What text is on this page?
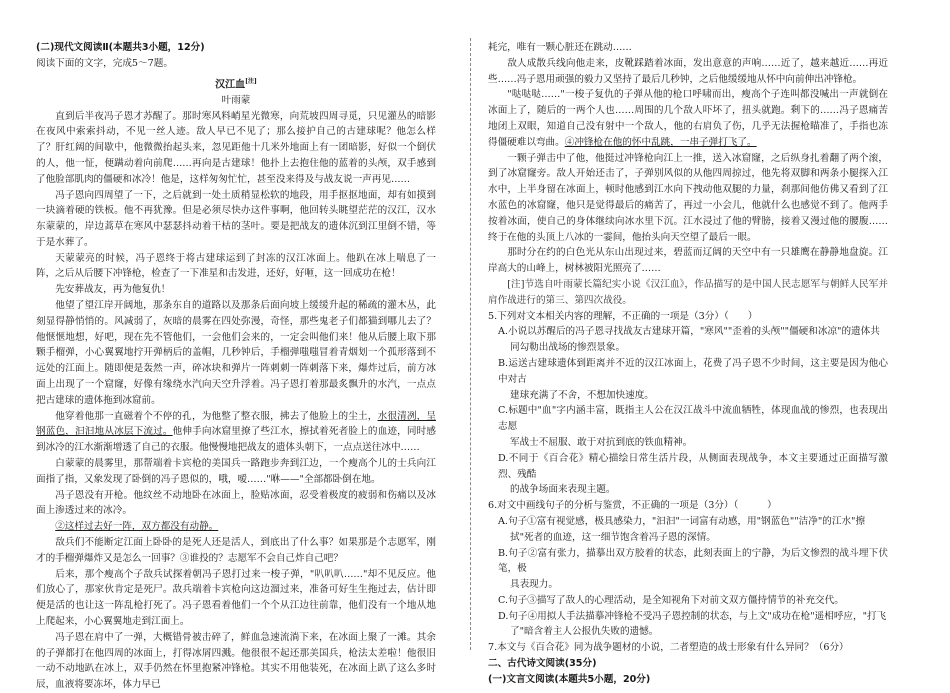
(二)现代文阅读Ⅱ(本题共3小题，12分)

阅读下面的文字，完成5～7题。

汉江血[注]

叶雨蒙

直到后半夜冯子恩才苏醒了。那时寒风料峭星光微寒，向荒坡四周寻觅，只见灌丛的暗影在夜风中索索抖动，不见一丝人迹。敌人早已不见了；那么接护自己的古建球呢？他怎么样了？肝红阔的间歇中，他微微抬起头来，忽见距他十几米外地面上有一团暗影，好似一个倒伏的人，他一怔，便蹒动着向前爬……再向是古建球！他扑上去抱住他的蓝着的头颅，双手感到了他脸部肌肉的僵硬和冰冷！他是，这样匆匆忙忙，甚至没来得及与战友说一声再见……

冯子恩向四周望了一下，之后就到一处土质稍显松软的地段，用手抠抠地面，却有如摸到一块滴着硬的铁板。他不再犹豫。但是必须尽快办这件事啊，他回转头眺望茫茫的汉江，汉水东蒙蒙的，岸边蒿草在寒风中瑟瑟抖动着干枯的茎叶。要是把战友的遗体沉到江里倒不错，等于是水葬了。

天蒙蒙亮的时候，冯子恩终于将古建球运到了封冻的汉江冰面上。他趴在冰上喘息了一阵，之后从后腰下冲锋枪，检查了一下准星和击发进，还好，好咂，这一回成功在枪！

先安葬战友，再为他复仇！

他望了望江岸开阔地，那条东自的道路以及那条后面向坡上缓缓升起的稀疏的灌木丛，此刻显得静悄悄的。风减弱了，灰暗的晨雾在四处弥漫，奇怪，那些鬼老子们都猫到哪儿去了？他惬惬地想，好吧，现在先不管他们，一会他们会来的，一定会叫他们来！他从后腰上取下那颗手榴弹，小心翼翼地拧开弹柄后的盖帽，几秒钟后，手榴弹嗤嗤冒着青烟划一个孤形落到不远处的江面上。随即便是轰然一声，碎冰块和弹片一阵刺刺一阵刺落下来，爆炸过后，前方冰面上出现了一个窟窿，好像有缘绕水汽向天空升浮着。冯子恩打着那最炙飘升的水汽，一点点把古建球的遗体拖到冰窟前。

他穿着他那一直磁着个不停的孔，为他整了整衣服，拂去了他脸上的尘土，水很清冽，呈钢蓝色，汩汩地从冰层下流过。他伸手向冰窟里撩了些江水，擦拭着死者脸上的血迹，同时感到冰冷的江水渐渐增透了自己的衣服。他慢慢地把战友的遗体头朝下，一点点送往冰中……

白蒙蒙的晨雾里，那帮端着卡宾枪的美国兵一路跑步奔到江边，一个瘦高个儿的士兵向江面指了指，又象发现了卧倒的冯子恩似的，哦，嗳……"咻——"全部都卧倒在地。

冯子恩没有开枪。他纹丝不动地卧在冰面上，脸贴冰面，忍受着极度的疲弱和伤痛以及冰面上渗透过来的冰冷。

②这样过去好一阵，双方都没有动静。

敌兵们不能断定江面上卧卧的是死人还是活人，到底出了什么事？如果那是个志愿军，刚才的手榴弹爆炸又是怎么一回事？③谁投的？志愿军不会自己炸自己吧？

后来，那个瘦高个子敌兵试探着朝冯子恩打过来一梭子弹，"叭叭叭……"却不见反应。他们放心了，那家伙肯定是死尸。敌兵端着卡宾枪向这边溜过来，准备可好生生拖过去，估计即便是活的也让这一阵乱枪打死了。冯子恩看着他们一个个从江边往前靠，他们没有一个地从地上爬起来，小心翼翼地走到江面上。

冯子恩在肩中了一弹，大概错骨被击碎了，鲜血急速流淌下来，在冰面上聚了一滩。其余的子弹都打在他四周的冰面上，打得冰屑四溅。他很很不起还那美国兵，枪法太差啦！他很旧一动不动地趴在冰上，双手仍然在怀里抱紧冲锋枪。其实不用他装死，在冰面上趴了这么多时辰，血液将要冻坏，体力早已

耗完，唯有一颗心脏还在跳动……

敌人成散兵线向他走来，皮靴踩踏着冰面，发出意意的声响……近了，越来越近……再近些……冯子恩用顽强的毅力又坚持了最后几秒钟，之后他缓缓地从怀中向前伸出冲锋枪。

"哒哒哒……"一梭子复仇的子弹从他的枪口呼啸而出，瘦高个子连叫都没喊出一声就倒在冰面上了，随后的一两个人也……周围的几个敌人吓坏了，扭头就跑。剩下的……冯子恩痛苦地闭上双眼，知道自己没有射中一个敌人，他的右肩负了伤，几乎无法握枪瞄准了，手指也冻得僵硬难以弯曲。④冲锋枪在他的怀中乱跳，一串子弹打飞了。

一颗子弹击中了他，他挺过冲锋枪向江上一推，送入冰窟窿，之后纵身扎着翻了两个滚，到了冰窟窿旁。敌人开始还击了，子弹别风似的从他四周掠过，他先将双脚和两条小腿探入江水中，上半身留在冰面上，顿时他感到江水向下拽动他双腿的力量，刹那间他仿佛又看到了江水蓝色的冰窟窿，他只是觉得最后的痛苦了，再过一小会儿，他就什么也感觉不到了。他两手按着冰面，使自己的身体继续向冰水里下沉。江水浸过了他的臂膀，接着又漫过他的腰腹……终于在他的头顶上八冰的一霎间，他抬头向天空望了最后一眼。

那时分在约的白色光从东山出现过来，碧蓝而辽阔的天空中有一只雄鹰在静静地盘旋。江岸高大的山峰上，树林被阳光照亮了……

[注]节选自叶雨蒙长篇纪实小说《汉江血》，作品描写的是中国人民志愿军与朝鲜人民军并肩作战进行的第三、第四次战役。

5.下列对文本相关内容的理解，不正确的一项是（3分）（　　）

A.小说以苏醒后的冯子恩寻找战友古建球开篇，"寒风""歪着的头颅""僵硬和冰凉"的遗体共
同勾勒出战场的惨烈景象。

B.运送古建球遗体到距离并不近的汉江冰面上，花费了冯子恩不少时间，这主要是因为他心中对古
建球充满了不舍，不想加快速度。

C.标题中"血"字内涵丰富，既指主人公在汉江战斗中流血牺牲，体现血战的惨烈，也表现出志愿
军战士不屈服、敢于对抗到底的铁血精神。

D.不同于《百合花》精心描绘日常生活片段，从侧面表现战争，本文主要通过正面描写激烈、残酷
的战争场面来表现主题。

6.对文中画线句子的分析与鉴赏，不正确的一项是（3分）（　　　）

A.句子①富有视觉感，极具感染力，"汩汩"一词富有动感，用"钢蓝色""洁净"的江水"擦
拭"死者的血迹，这一细节饱含着冯子恩的深情。

B.句子②富有张力，描摹出双方胶着的状态，此刻表面上的宁静，为后文惨烈的战斗埋下伏笔，极
具表现力。

C.句子③描写了敌人的心理活动，是全知视角下对前文双方僵持情节的补充交代。

D.句子④用拟人手法描摹冲锋枪不受冯子恩控制的状态，与上文"成功在枪"遥相呼应，"打飞
了"暗含着主人公报仇失败的遗憾。

7.本文与《百合花》同为战争题材的小说，二者塑造的战士形象有什么异同？（6分）

二、古代诗文阅读(35分)

(一)文言文阅读(本题共5小题，20分)
